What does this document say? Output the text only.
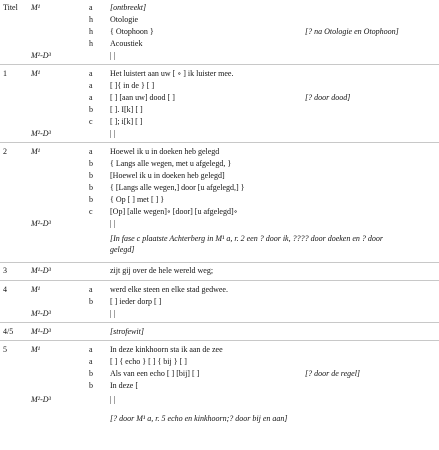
Titel M¹	a [ontbreekt]
h Otologie
h { Otophoon }	[? na Otologie en Otophoon]
h Acoustiek
M²-D³	| |
1	M¹	a Het luistert aan uw [ ∘ ] ik luister mee.
a [ ]{ in de } [ ]
a [ ] [aan uw] dood [ ]	[? door dood]
b [ ]. I[k] [ ]
c [ ]; i[k] [ ]
M²-D³	| |
2	M¹	a Hoewel ik u in doeken heb gelegd
b { Langs alle wegen, met u afgelegd, }
b [Hoewel ik u in doeken heb gelegd]
b { [Langs alle wegen,] door [u afgelegd,] }
b { Op [ ] met [ ] }
c [Op] [alle wegen]∘ [door] [u afgelegd]∘
M²-D³	| |
[In fase c plaatste Achterberg in M¹ a, r. 2 een ? door ik, ???? door doeken en ? door
gelegd]
3	M¹-D³	zijt gij over de hele wereld weg;
4	M¹	a werd elke steen en elke stad gedwee.
b [ ] ieder dorp [ ]
M²-D³	| |
4/5 M¹-D³	[strofewit]
5	M¹	a In deze kinkhoorn sta ik aan de zee
a [ ] { echo } [ ] { bij } [ ]
b Als van een echo [ ] [bij] [ ]	[? door de regel]
b In deze [
M²-D³	| |
[? door M¹ a, r. 5 echo en kinkhoorn;? door bij en aan]
